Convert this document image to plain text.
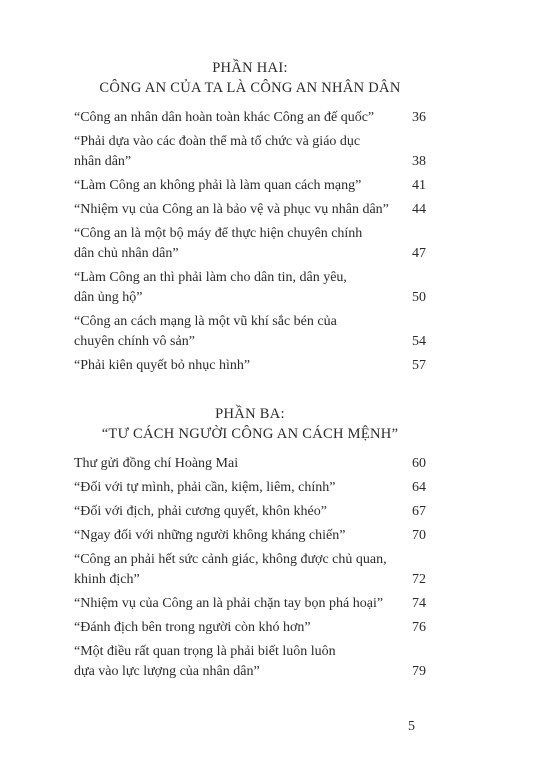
PHẦN HAI:
CÔNG AN CỦA TA LÀ CÔNG AN NHÂN DÂN
“Công an nhân dân hoàn toàn khác Công an đế quốc”	36
“Phải dựa vào các đoàn thể mà tổ chức và giáo dục
nhân dân”	38
“Làm Công an không phải là làm quan cách mạng”	41
“Nhiệm vụ của Công an là bảo vệ và phục vụ nhân dân”	44
“Công an là một bộ máy để thực hiện chuyên chính
dân chủ nhân dân”	47
“Làm Công an thì phải làm cho dân tin, dân yêu,
dân ủng hộ”	50
“Công an cách mạng là một vũ khí sắc bén của
chuyên chính vô sản”	54
“Phải kiên quyết bỏ nhục hình”	57
PHẦN BA:
“TƯ CÁCH NGƯỜI CÔNG AN CÁCH MỆNH”
Thư gửi đồng chí Hoàng Mai	60
“Đối với tự mình, phải cần, kiệm, liêm, chính”	64
“Đối với địch, phải cương quyết, khôn khéo”	67
“Ngay đối với những người không kháng chiến”	70
“Công an phải hết sức cảnh giác, không được chủ quan,
khinh địch”	72
“Nhiệm vụ của Công an là phải chặn tay bọn phá hoại”	74
“Đánh địch bên trong người còn khó hơn”	76
“Một điều rất quan trọng là phải biết luôn luôn
dựa vào lực lượng của nhân dân”	79
5
